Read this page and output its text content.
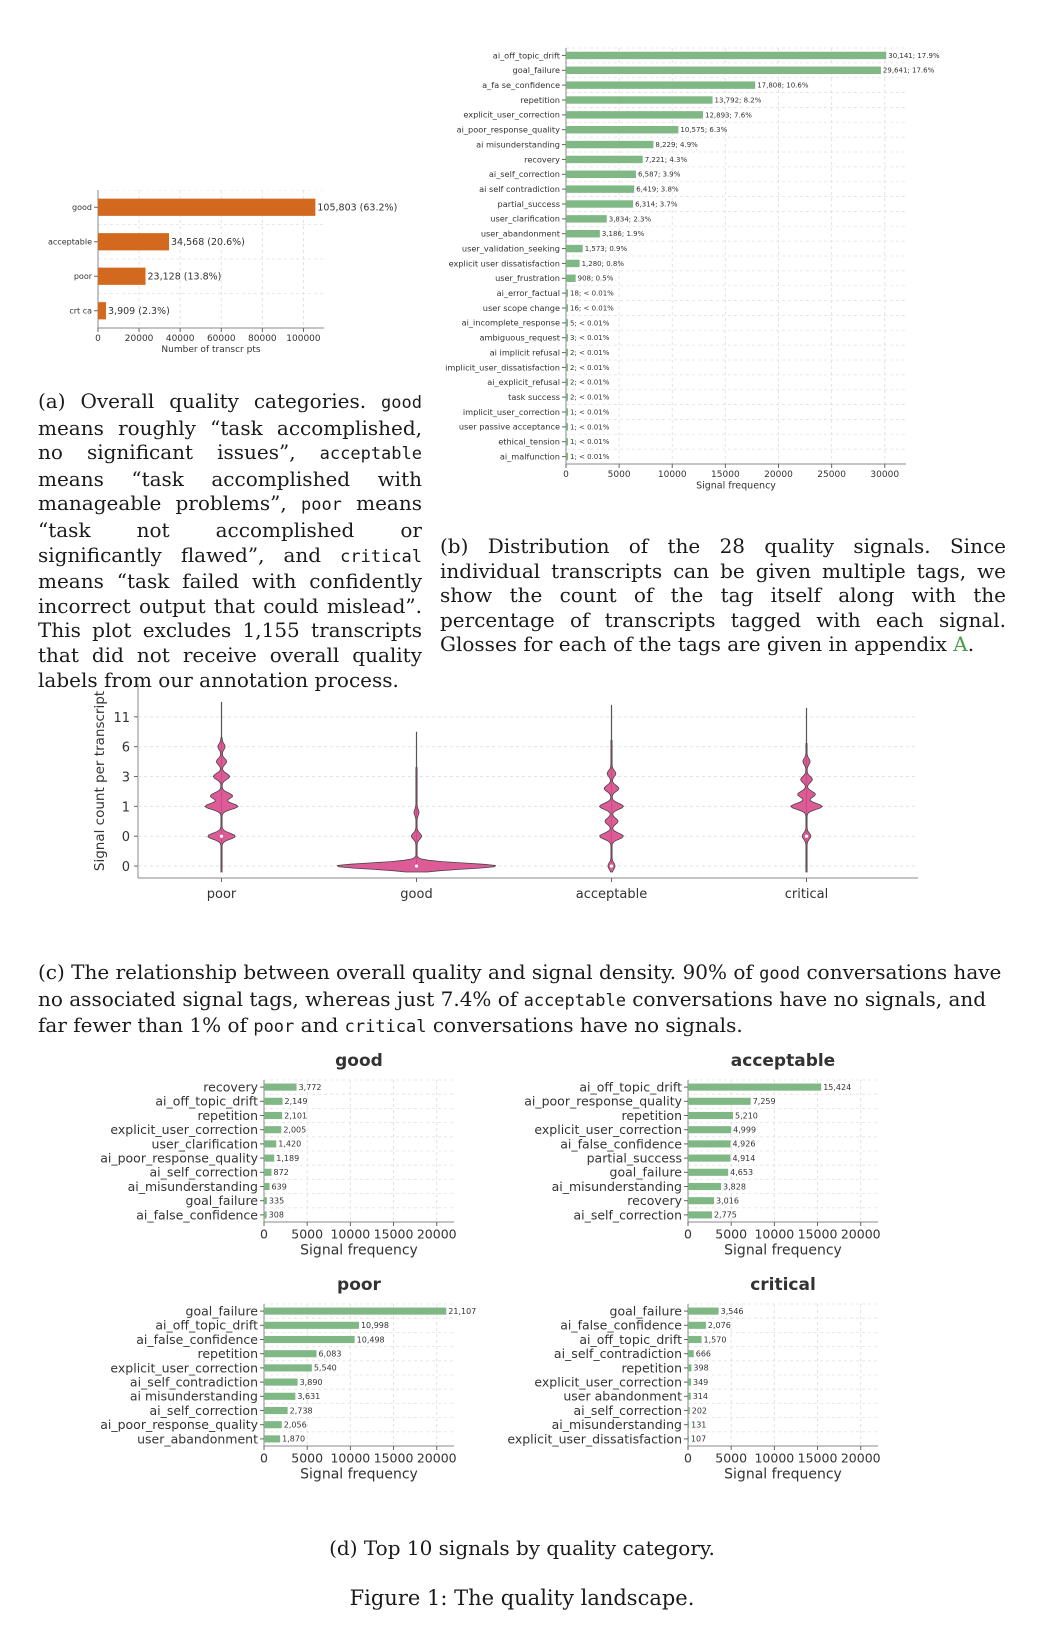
0	20000 40000 60000 80000 100000
good	105,803 (63.2%)
acceptable	34,568 (20.6%)
poor	23,128 (13.8%)
crt ca 3,909 (2.3%)
Number of transcr pts
0	5000	10000	15000	20000	25000	30000
ai_off_topic_drift	30,141; 17.9%
goal_failure	29,641; 17.6%
a_fa se_confidence	17,808; 10.6%
repetition	13,792; 8.2%
explicit_user_correction	12,893; 7.6%
ai_poor_response_quality	10,575; 6.3%
ai misunderstanding	8,229; 4.9%
recovery	7,221; 4.3%
ai_self_correction	6,587; 3.9%
ai self contradiction	6,419; 3.8%
partial_success	6,314; 3.7%
user_clarification	3,834; 2.3%
user_abandonment	3,186; 1.9%
user_validation_seeking	1,573; 0.9%
explicit user dissatisfaction	1,280; 0.8%
user_frustration	908; 0.5%
ai_error_factual 18; < 0.01%
user scope change 16; < 0.01%
ai_incomplete_response 5; < 0.01%
ambiguous_request 3; < 0.01%
ai implicit refusal 2; < 0.01%
implicit_user_dissatisfaction 2; < 0.01%
ai_explicit_refusal 2; < 0.01%
task success 2; < 0.01%
implicit_user_correction 1; < 0.01%
user passive acceptance 1; < 0.01%
ethical_tension 1; < 0.01%
ai_malfunction 1; < 0.01%
Signal frequency
(a) Overall quality categories. good means roughly “task accomplished, no significant issues”, acceptable means “task accomplished with manageable problems”, poor means “task not accomplished or significantly flawed”, and critical means “task failed with confidently incorrect output that could mislead”. This plot excludes 1,155 transcripts that did not receive overall quality labels from our annotation process.
(b) Distribution of the 28 quality signals. Since individual transcripts can be given multiple tags, we show the count of the tag itself along with the percentage of transcripts tagged with each signal. Glosses for each of the tags are given in appendix A.
0
0
1
3
6
11
poor	good	acceptable	critical
Signal count per transcript
(c) The relationship between overall quality and signal density. 90% of good conversations have no associated signal tags, whereas just 7.4% of acceptable conversations have no signals, and far fewer than 1% of poor and critical conversations have no signals.
0 5000 10000 15000 20000
recovery	3,772
ai_off_topic_drift	2,149
repetition	2,101
explicit_user_correction	2,005
user_clarification	1,420
ai_poor_response_quality 1,189
ai_self_correction 872
ai_misunderstanding 639
goal_failure 335
ai_false_confidence 308
Signal frequency
good
0 5000 10000 15000 20000
ai_off_topic_drift	15,424
ai_poor_response_quality	7,259
repetition	5,210
explicit_user_correction	4,999
ai_false_confidence	4,926
partial_success	4,914
goal_failure	4,653
ai_misunderstanding	3,828
recovery	3,016
ai_self_correction	2,775
Signal frequency
acceptable
0 5000 10000 15000 20000
goal_failure	21,107
ai_off_topic_drift	10,998
ai_false_confidence	10,498
repetition	6,083
explicit_user_correction	5,540
ai_self_contradiction	3,890
ai misunderstanding	3,631
ai_self_correction	2,738
ai_poor_response_quality	2,056
user_abandonment	1,870
Signal frequency
poor
0 5000 10000 15000 20000
goal_failure	3,546
ai_false_confidence	2,076
ai_off_topic_drift	1,570
ai_self_contradiction 666
repetition 398
explicit_user_correction 349
user abandonment 314
ai_self_correction 202
ai_misunderstanding 131
explicit_user_dissatisfaction 107
Signal frequency
critical
(d) Top 10 signals by quality category.
Figure 1: The quality landscape.
